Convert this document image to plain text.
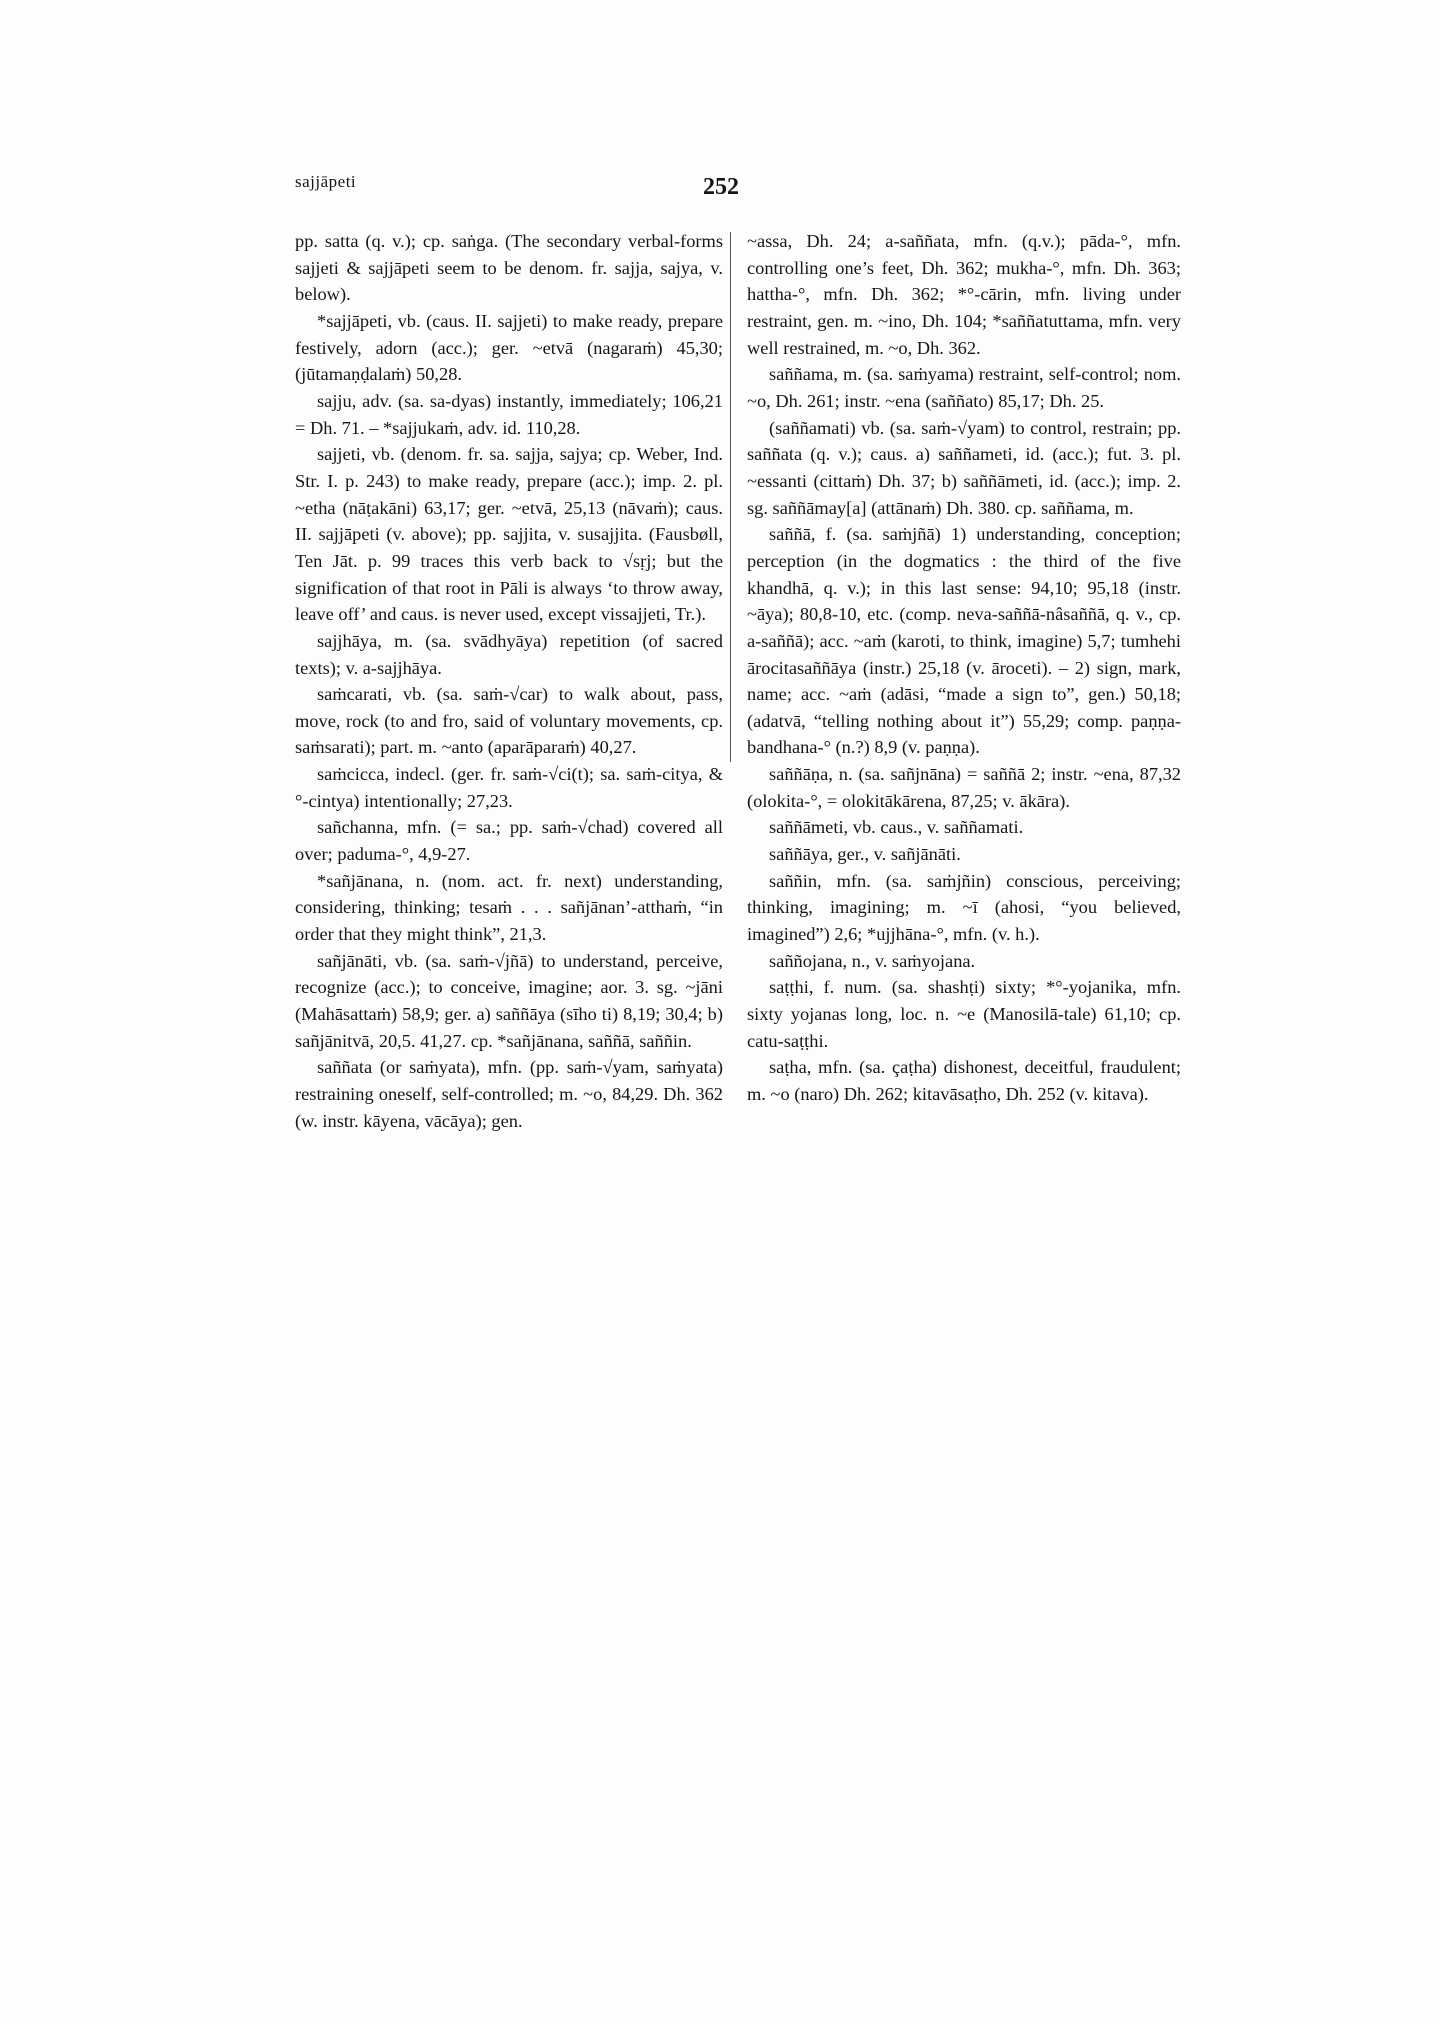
sajjāpeti	252

pp. satta (q. v.); cp. saṅga. (The secondary verbal-forms sajjeti & sajjāpeti seem to be denom. fr. sajja, sajya, v. below).

*sajjāpeti, vb. (caus. II. sajjeti) to make ready, prepare festively, adorn (acc.); ger. ~etvā (nagaraṁ) 45,30; (jūtamaṇḍalaṁ) 50,28.

sajju, adv. (sa. sa-dyas) instantly, immediately; 106,21 = Dh. 71. – *sajjukaṁ, adv. id. 110,28.

sajjeti, vb. (denom. fr. sa. sajja, sajya; cp. Weber, Ind. Str. I. p. 243) to make ready, prepare (acc.); imp. 2. pl. ~etha (nāṭakāni) 63,17; ger. ~etvā, 25,13 (nāvaṁ); caus. II. sajjāpeti (v. above); pp. sajjita, v. susajjita. (Fausbøll, Ten Jāt. p. 99 traces this verb back to √sṛj; but the signification of that root in Pāli is always ‘to throw away, leave off’ and caus. is never used, except vissajjeti, Tr.).

sajjhāya, m. (sa. svādhyāya) repetition (of sacred texts); v. a-sajjhāya.

saṁcarati, vb. (sa. saṁ-√car) to walk about, pass, move, rock (to and fro, said of voluntary movements, cp. saṁsarati); part. m. ~anto (aparāparaṁ) 40,27.

saṁcicca, indecl. (ger. fr. saṁ-√ci(t); sa. saṁ-citya, & °-cintya) intentionally; 27,23.

sañchanna, mfn. (= sa.; pp. saṁ-√chad) covered all over; paduma-°, 4,9-27.

*sañjānana, n. (nom. act. fr. next) understanding, considering, thinking; tesaṁ . . . sañjānan’-atthaṁ, “in order that they might think”, 21,3.

sañjānāti, vb. (sa. saṁ-√jñā) to understand, perceive, recognize (acc.); to conceive, imagine; aor. 3. sg. ~jāni (Mahāsattaṁ) 58,9; ger. a) saññāya (sīho ti) 8,19; 30,4; b) sañjānitvā, 20,5. 41,27. cp. *sañjānana, saññā, saññin.

saññata (or saṁyata), mfn. (pp. saṁ-√yam, saṁyata) restraining oneself, self-controlled; m. ~o, 84,29. Dh. 362 (w. instr. kāyena, vācāya); gen.

~assa, Dh. 24; a-saññata, mfn. (q.v.); pāda-°, mfn. controlling one’s feet, Dh. 362; mukha-°, mfn. Dh. 363; hattha-°, mfn. Dh. 362; *°-cārin, mfn. living under restraint, gen. m. ~ino, Dh. 104; *saññatuttama, mfn. very well restrained, m. ~o, Dh. 362.

saññama, m. (sa. saṁyama) restraint, self-control; nom. ~o, Dh. 261; instr. ~ena (saññato) 85,17; Dh. 25.

(saññamati) vb. (sa. saṁ-√yam) to control, restrain; pp. saññata (q. v.); caus. a) saññameti, id. (acc.); fut. 3. pl. ~essanti (cittaṁ) Dh. 37; b) saññāmeti, id. (acc.); imp. 2. sg. saññāmay[a] (attānaṁ) Dh. 380. cp. saññama, m.

saññā, f. (sa. saṁjñā) 1) understanding, conception; perception (in the dogmatics : the third of the five khandhā, q. v.); in this last sense: 94,10; 95,18 (instr. ~āya); 80,8-10, etc. (comp. neva-saññā-nâsaññā, q. v., cp. a-saññā); acc. ~aṁ (karoti, to think, imagine) 5,7; tumhehi ārocitasaññāya (instr.) 25,18 (v. āroceti). – 2) sign, mark, name; acc. ~aṁ (adāsi, “made a sign to”, gen.) 50,18; (adatvā, “telling nothing about it”) 55,29; comp. paṇṇa-bandhana-° (n.?) 8,9 (v. paṇṇa).

saññāṇa, n. (sa. sañjnāna) = saññā 2; instr. ~ena, 87,32 (olokita-°, = olokitākārena, 87,25; v. ākāra).

saññāmeti, vb. caus., v. saññamati.

saññāya, ger., v. sañjānāti.

saññin, mfn. (sa. saṁjñin) conscious, perceiving; thinking, imagining; m. ~ī (ahosi, “you believed, imagined”) 2,6; *ujjhāna-°, mfn. (v. h.).

saññojana, n., v. saṁyojana.

saṭṭhi, f. num. (sa. shashṭi) sixty; *°-yojanika, mfn. sixty yojanas long, loc. n. ~e (Manosilā-tale) 61,10; cp. catu-saṭṭhi.

saṭha, mfn. (sa. çaṭha) dishonest, deceitful, fraudulent; m. ~o (naro) Dh. 262; kitavāsaṭho, Dh. 252 (v. kitava).
